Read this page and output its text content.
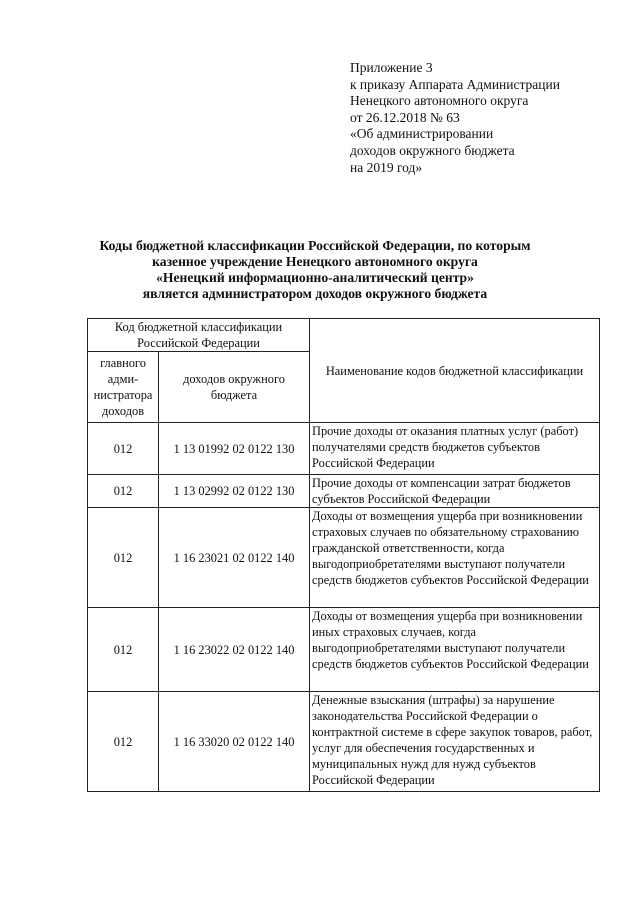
Приложение 3
к приказу Аппарата Администрации
Ненецкого автономного округа
от 26.12.2018 № 63
«Об администрировании
доходов окружного бюджета
на 2019 год»
Коды бюджетной классификации Российской Федерации, по которым
казенное учреждение Ненецкого автономного округа
«Ненецкий информационно-аналитический центр»
является администратором доходов окружного бюджета
Код бюджетной классификации Российской Федерации		Наименование кодов бюджетной классификации
главного адми-нистратора доходов	доходов окружного бюджета	
012	1 13 01992 02 0122 130	Прочие доходы от оказания платных услуг (работ) получателями средств бюджетов субъектов Российской Федерации
012	1 13 02992 02 0122 130	Прочие доходы от компенсации затрат бюджетов субъектов Российской Федерации
012	1 16 23021 02 0122 140	Доходы от возмещения ущерба при возникновении страховых случаев по обязательному страхованию гражданской ответственности, когда выгодоприобретателями выступают получатели средств бюджетов субъектов Российской Федерации
012	1 16 23022 02 0122 140	Доходы от возмещения ущерба при возникновении иных страховых случаев, когда выгодоприобретателями выступают получатели средств бюджетов субъектов Российской Федерации
012	1 16 33020 02 0122 140	Денежные взыскания (штрафы) за нарушение законодательства Российской Федерации о контрактной системе в сфере закупок товаров, работ, услуг для обеспечения государственных и муниципальных нужд для нужд субъектов Российской Федерации
